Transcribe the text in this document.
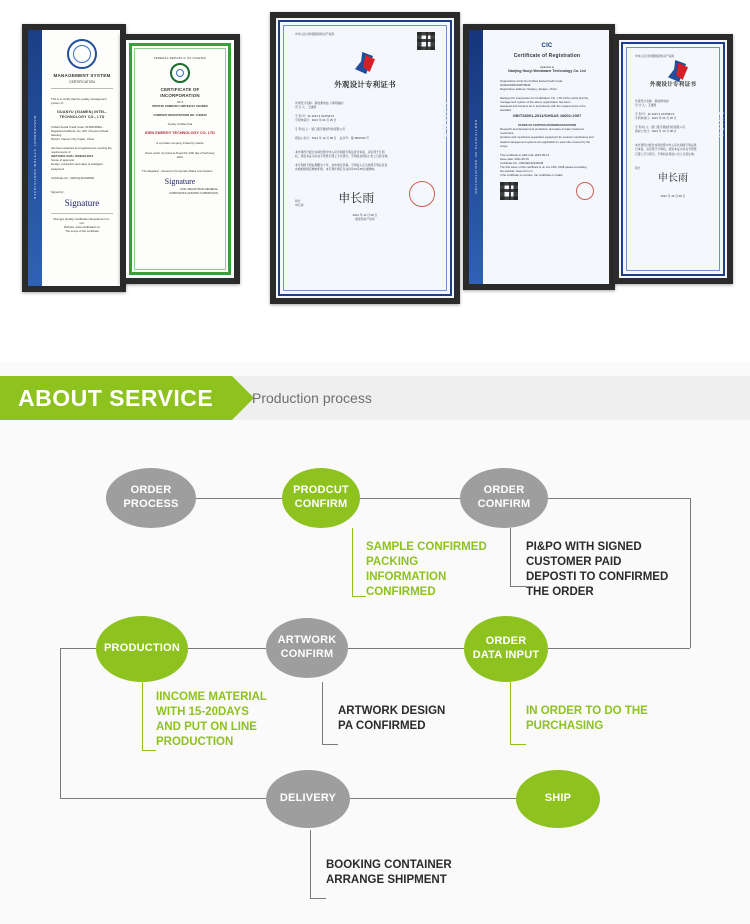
MANAGEMENT SYSTEM CERTIFICATE
MANAGEMENT SYSTEM
CERTIFICATION
This is to certify that the quality management system of:
GUANYU (XIAMEN) INTEL-
TECHNOLOGY CO., LTD
Unified Social Credit Code: 91350200MA...
Registered Address: No. 205, Xinyuan 2 Road, Haicang
District, Xiamen City, Fujian, China
has been awarded and registered as meeting the requirements of
GB/T19001-2016 / ISO9001:2015
Scope of approval:
Design, production and sales of intelligent equipment
Certificate No.: 00621Q31234R0M
Signed by:
Signature
Shengyu Quality Certification Department Co., Ltd.
Website: www.certification.cn
The scope of the certificate
FEDERAL REPUBLIC OF NIGERIA
CERTIFICATE OF INCORPORATION
OF A
PRIVATE COMPANY LIMITED BY SHARES
COMPANY REGISTRATION NO. 1796610
hereby certifies that
IDEN ENERGY TECHNOLOGY CO. LTD
is a private company limited by shares
Given under my hand at Abuja this 19th day of February, 2021
The Registrar - General of Corporate Affairs Commission
Signature
FOR: REGISTRAR GENERAL
CORPORATE AFFAIRS COMMISSION
CHINA
中华人民共和国国家知识产权局
外观设计专利证书
外观设计名称：新能源电池（商用储能）
设 计 人：王建国
专 利 号：ZL 2021 3 0147931.5
专利申请日：2021 年 04 月 25 日
专 利 权 人：厦门观宇智能科技有限公司
授权公告日：2021 年 10 月 08 日    证书号：第 3800792 号
本外观设计经过本局依照中华人民共和国专利法进行审查，决定授予专利
权，颁发本证书并在专利登记簿上予以登记。专利权自授权公告之日起生效。
本专利的专利权期限为十年，自申请日起算。专利权人应当依照专利法及其
实施细则规定缴纳年费，本专利年费应当在每年04月25日前缴纳。
局长
申长雨
申长雨
2021 年 10 月 08 日
国家知识产权局
CERTIFICATE OF REGISTRATION
CIC
Certificate of Registration
Awarded to
Nanjing Huoyi Membrane Technology Co. Ltd
Organization Code No./Unified Social Credit Code: 91320100MA1NRT8E3F
Registration address: Nanjing, Jiangsu, China
Nanjing CIC Corporation for Certification CO., LTD (CIC) certify that the
management system of the above organization has been
assessed and found to be in accordance with the requirements of the standard
GB/T28001-2011/OHSAS 18001:2007
SCOPE OF CERTIFICATION/REGISTRATION
Research and development production and sales of water treatment membrane
products and membrane separation equipment for ceramic membranes and
related management systems are applicable for each site covered by the scope
This certificate is valid until: 2024-05-14
Issue date: 2021-05-15
Certificate No.: 00621E31234ROM
The first issue of this certificate is on Jun 15th, 2018 please consulting
the website: www.ciccn.cn
If the certificate is overdue, the certificate is invalid
CNIPA
中华人民共和国国家知识产权局
外观设计专利证书
外观设计名称：新能源电池
设 计 人：王建国
专 利 号：ZL 2021 3 0147931.5
专利申请日：2021 年 04 月 25 日
专 利 权 人：厦门观宇智能科技有限公司
授权公告日：2021 年 10 月 08 日
本外观设计经过本局依照中华人民共和国专利法进
行审查，决定授予专利权，颁发本证书并在专利登
记簿上予以登记。专利权自授权公告之日起生效。
局长
申长雨
2021 年 10 月 08 日
ABOUT SERVICE	Production process
ORDER
PROCESS
PRODCUT
CONFIRM
ORDER
CONFIRM
PRODUCTION
ARTWORK
CONFIRM
ORDER
DATA INPUT
DELIVERY	SHIP
SAMPLE CONFIRMED
PACKING
INFORMATION
CONFIRMED
PI&PO WITH SIGNED
CUSTOMER PAID
DEPOSTI TO CONFIRMED
THE ORDER
IINCOME MATERIAL
WITH 15-20DAYS
AND PUT ON LINE
PRODUCTION
ARTWORK DESIGN
PA CONFIRMED
IN ORDER TO DO THE
PURCHASING
BOOKING CONTAINER
ARRANGE SHIPMENT
